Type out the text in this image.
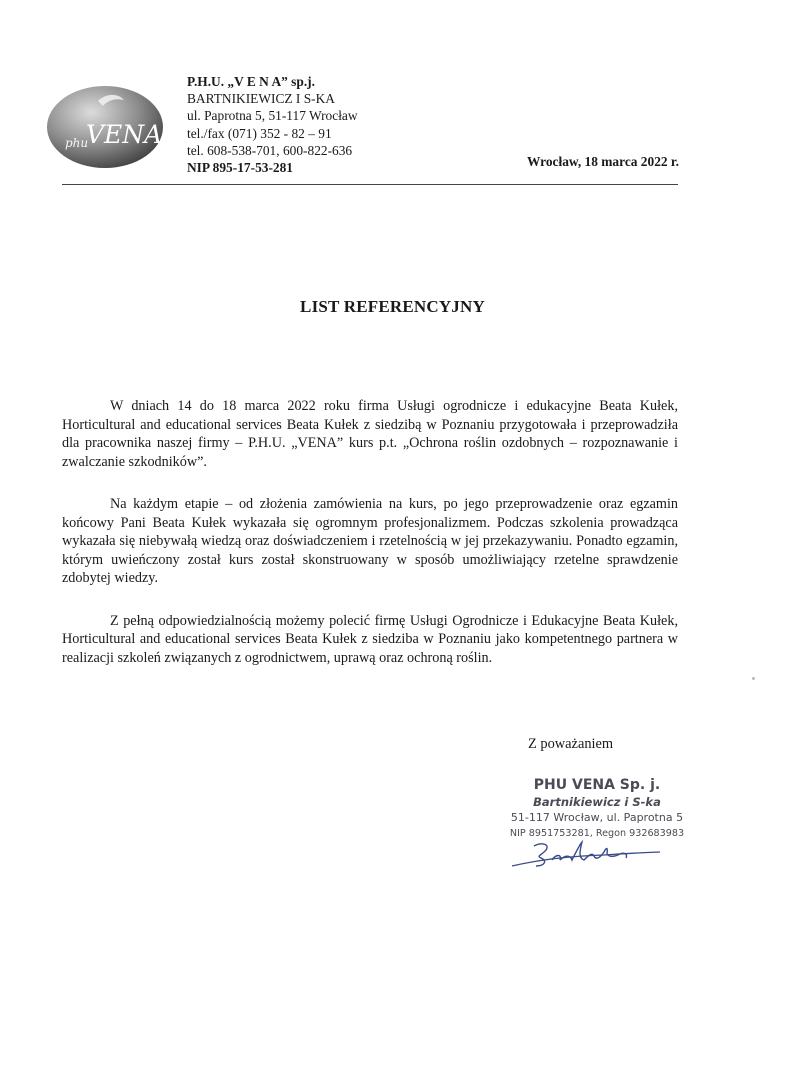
phu
VENA
P.H.U. „V E N A” sp.j.
BARTNIKIEWICZ I S-KA
ul. Paprotna 5, 51-117 Wrocław
tel./fax (071) 352 - 82 – 91
tel. 608-538-701, 600-822-636
NIP 895-17-53-281	Wrocław, 18 marca 2022 r.
LIST REFERENCYJNY

W dniach 14 do 18 marca 2022 roku firma Usługi ogrodnicze i edukacyjne Beata Kułek, Horticultural and educational services Beata Kułek z siedzibą w Poznaniu przygotowała i przeprowadziła dla pracownika naszej firmy – P.H.U. „VENA” kurs p.t. „Ochrona roślin ozdobnych – rozpoznawanie i zwalczanie szkodników”.

Na każdym etapie – od złożenia zamówienia na kurs, po jego przeprowadzenie oraz egzamin końcowy Pani Beata Kułek wykazała się ogromnym profesjonalizmem. Podczas szkolenia prowadząca wykazała się niebywałą wiedzą oraz doświadczeniem i rzetelnością w jej przekazywaniu. Ponadto egzamin, którym uwieńczony został kurs został skonstruowany w sposób umożliwiający rzetelne sprawdzenie zdobytej wiedzy.

Z pełną odpowiedzialnością możemy polecić firmę Usługi Ogrodnicze i Edukacyjne Beata Kułek, Horticultural and educational services Beata Kułek z siedziba w Poznaniu jako kompetentnego partnera w realizacji szkoleń związanych z ogrodnictwem, uprawą oraz ochroną roślin.

Z poważaniem
PHU VENA Sp. j.
Bartnikiewicz i S-ka
51-117 Wrocław, ul. Paprotna 5
NIP 8951753281, Regon 932683983
